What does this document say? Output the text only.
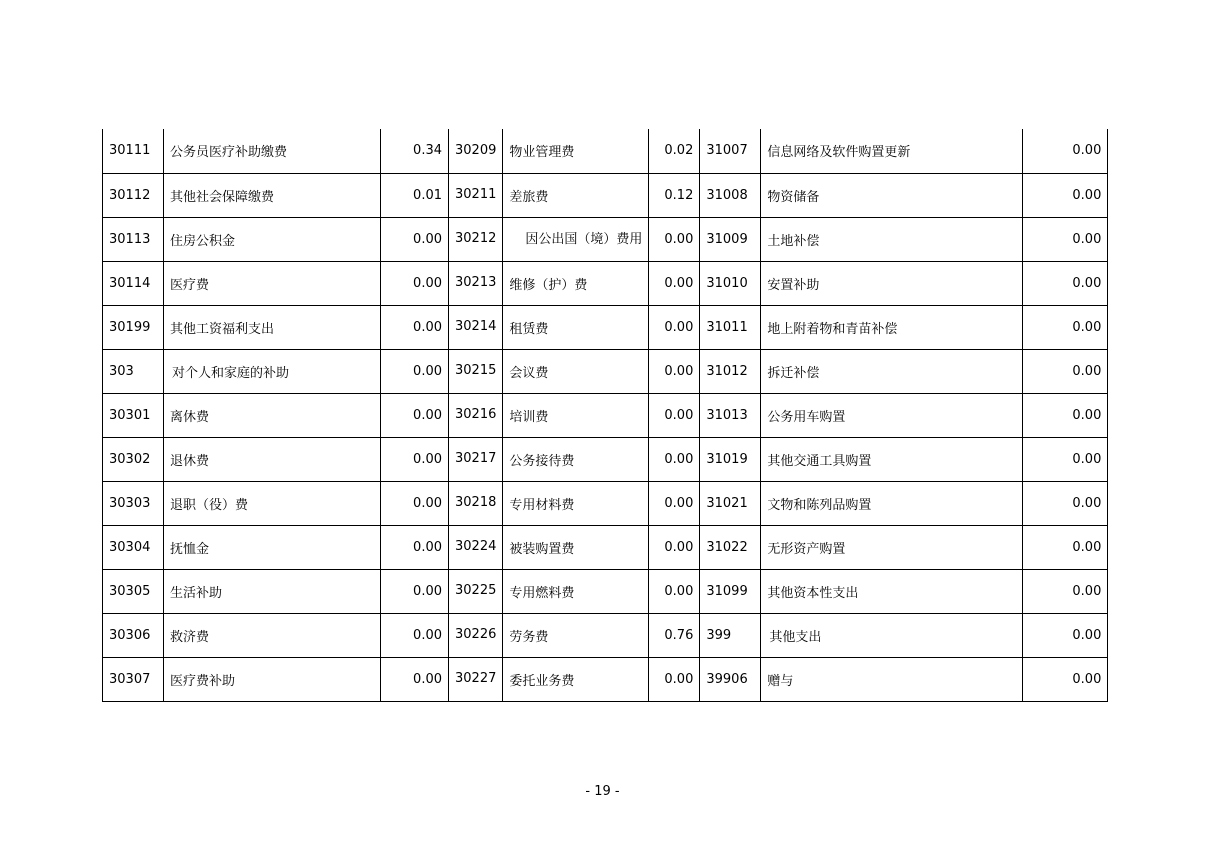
30111	公务员医疗补助缴费	0.34	30209	物业管理费	0.02	31007	信息网络及软件购置更新	0.00
30112	其他社会保障缴费	0.01	30211	差旅费	0.12	31008	物资储备	0.00
30113	住房公积金	0.00	30212	因公出国（境）费用	0.00	31009	土地补偿	0.00
30114	医疗费	0.00	30213	维修（护）费	0.00	31010	安置补助	0.00
30199	其他工资福利支出	0.00	30214	租赁费	0.00	31011	地上附着物和青苗补偿	0.00
303	对个人和家庭的补助	0.00	30215	会议费	0.00	31012	拆迁补偿	0.00
30301	离休费	0.00	30216	培训费	0.00	31013	公务用车购置	0.00
30302	退休费	0.00	30217	公务接待费	0.00	31019	其他交通工具购置	0.00
30303	退职（役）费	0.00	30218	专用材料费	0.00	31021	文物和陈列品购置	0.00
30304	抚恤金	0.00	30224	被装购置费	0.00	31022	无形资产购置	0.00
30305	生活补助	0.00	30225	专用燃料费	0.00	31099	其他资本性支出	0.00
30306	救济费	0.00	30226	劳务费	0.76	399	其他支出	0.00
30307	医疗费补助	0.00	30227	委托业务费	0.00	39906	赠与	0.00
- 19 -
